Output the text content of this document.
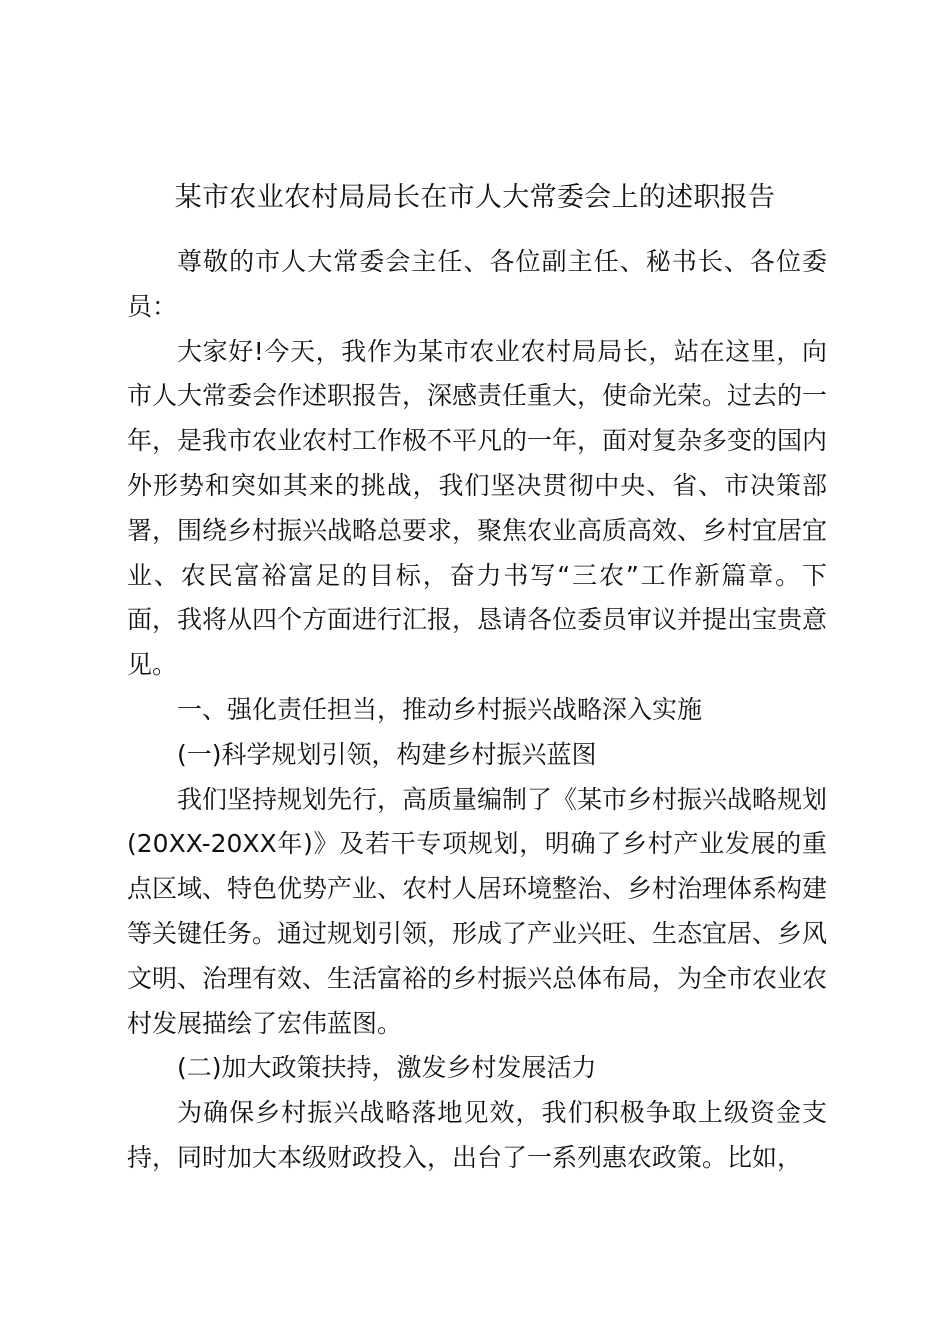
某市农业农村局局长在市人大常委会上的述职报告

尊敬的市人大常委会主任、各位副主任、秘书长、各位委员：

大家好!今天，我作为某市农业农村局局长，站在这里，向市人大常委会作述职报告，深感责任重大，使命光荣。过去的一年，是我市农业农村工作极不平凡的一年，面对复杂多变的国内外形势和突如其来的挑战，我们坚决贯彻中央、省、市决策部署，围绕乡村振兴战略总要求，聚焦农业高质高效、乡村宜居宜业、农民富裕富足的目标，奋力书写“三农”工作新篇章。下面，我将从四个方面进行汇报，恳请各位委员审议并提出宝贵意见。

一、强化责任担当，推动乡村振兴战略深入实施

(一)科学规划引领，构建乡村振兴蓝图

我们坚持规划先行，高质量编制了《某市乡村振兴战略规划 (20XX-20XX年)》及若干专项规划，明确了乡村产业发展的重点区域、特色优势产业、农村人居环境整治、乡村治理体系构建等关键任务。通过规划引领，形成了产业兴旺、生态宜居、乡风文明、治理有效、生活富裕的乡村振兴总体布局，为全市农业农村发展描绘了宏伟蓝图。

(二)加大政策扶持，激发乡村发展活力

为确保乡村振兴战略落地见效，我们积极争取上级资金支持，同时加大本级财政投入，出台了一系列惠农政策。比如，
